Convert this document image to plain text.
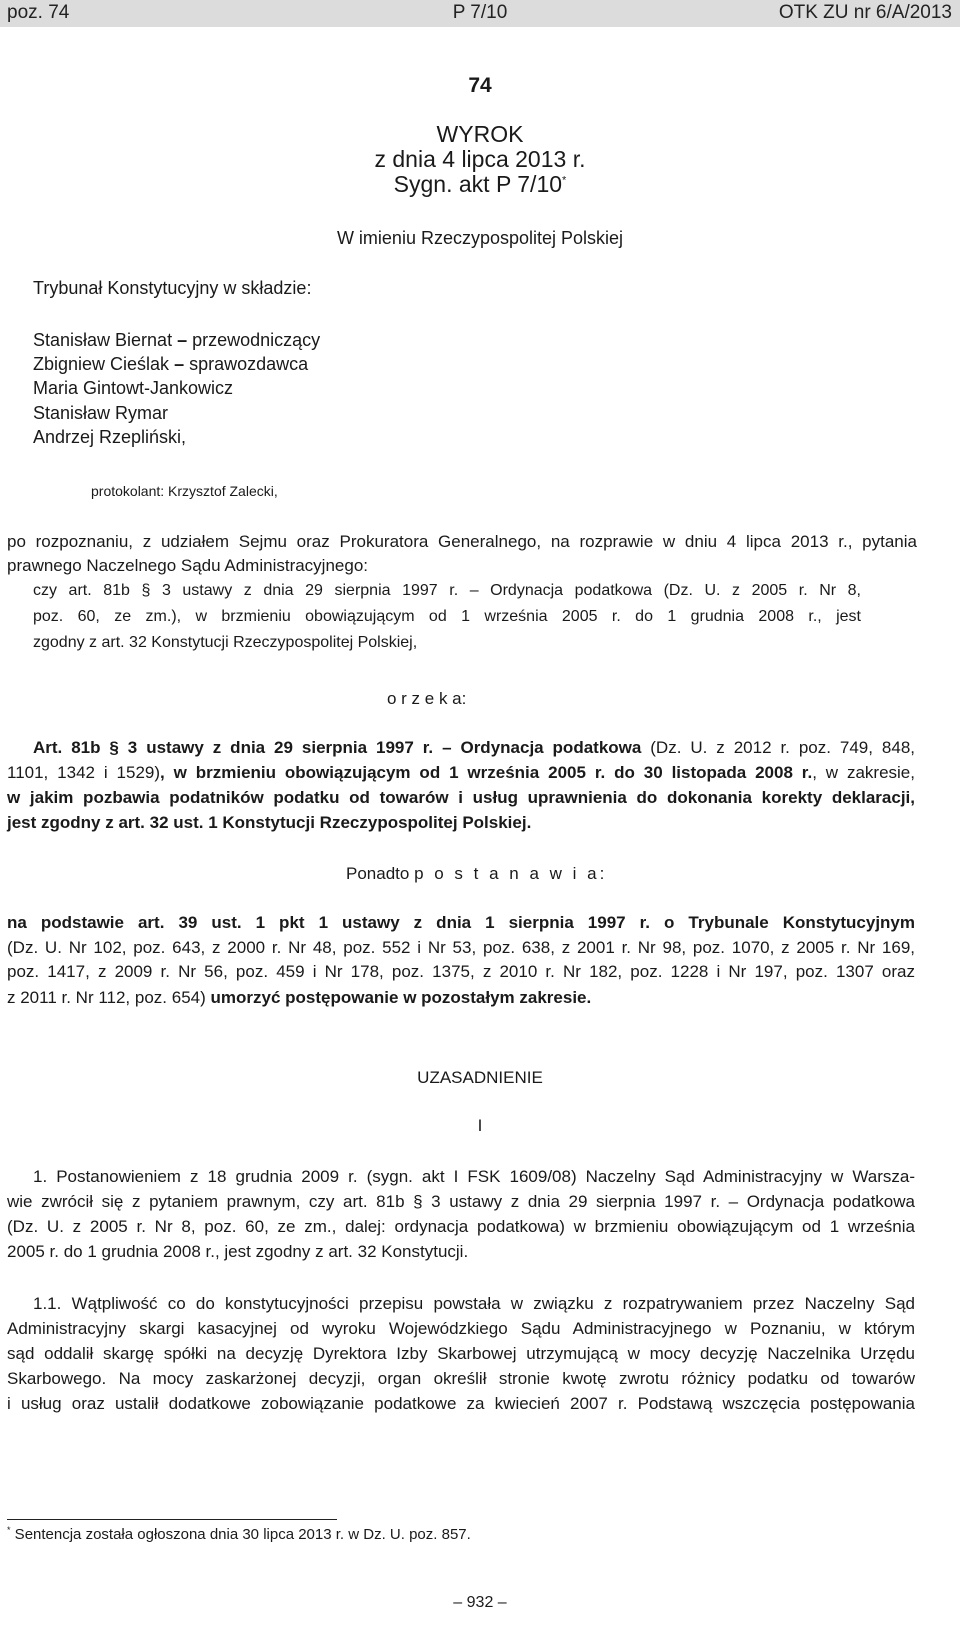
poz. 74	P 7/10	OTK ZU nr 6/A/2013
74
WYROK
z dnia 4 lipca 2013 r.
Sygn. akt P 7/10*
W imieniu Rzeczypospolitej Polskiej
Trybunał Konstytucyjny w składzie:
Stanisław Biernat – przewodniczący
Zbigniew Cieślak – sprawozdawca
Maria Gintowt-Jankowicz
Stanisław Rymar
Andrzej Rzepliński,
protokolant: Krzysztof Zalecki,
po rozpoznaniu, z udziałem Sejmu oraz Prokuratora Generalnego, na rozprawie w dniu 4 lipca 2013 r., pytania
prawnego Naczelnego Sądu Administracyjnego:
czy art. 81b § 3 ustawy z dnia 29 sierpnia 1997 r. – Ordynacja podatkowa (Dz. U. z 2005 r. Nr 8,
poz. 60, ze zm.), w brzmieniu obowiązującym od 1 września 2005 r. do 1 grudnia 2008 r., jest
zgodny z art. 32 Konstytucji Rzeczypospolitej Polskiej,
o r z e k a:
Art. 81b § 3 ustawy z dnia 29 sierpnia 1997 r. – Ordynacja podatkowa (Dz. U. z 2012 r. poz. 749, 848,
1101, 1342 i 1529), w brzmieniu obowiązującym od 1 września 2005 r. do 30 listopada 2008 r., w zakresie,
w jakim pozbawia podatników podatku od towarów i usług uprawnienia do dokonania korekty deklaracji,
jest zgodny z art. 32 ust. 1 Konstytucji Rzeczypospolitej Polskiej.
Ponadto p o s t a n a w i a:
na podstawie art. 39 ust. 1 pkt 1 ustawy z dnia 1 sierpnia 1997 r. o Trybunale Konstytucyjnym
(Dz. U. Nr 102, poz. 643, z 2000 r. Nr 48, poz. 552 i Nr 53, poz. 638, z 2001 r. Nr 98, poz. 1070, z 2005 r. Nr 169,
poz. 1417, z 2009 r. Nr 56, poz. 459 i Nr 178, poz. 1375, z 2010 r. Nr 182, poz. 1228 i Nr 197, poz. 1307 oraz
z 2011 r. Nr 112, poz. 654) umorzyć postępowanie w pozostałym zakresie.
UZASADNIENIE
I
1. Postanowieniem z 18 grudnia 2009 r. (sygn. akt I FSK 1609/08) Naczelny Sąd Administracyjny w Warsza-
wie zwrócił się z pytaniem prawnym, czy art. 81b § 3 ustawy z dnia 29 sierpnia 1997 r. – Ordynacja podatkowa
(Dz. U. z 2005 r. Nr 8, poz. 60, ze zm., dalej: ordynacja podatkowa) w brzmieniu obowiązującym od 1 września
2005 r. do 1 grudnia 2008 r., jest zgodny z art. 32 Konstytucji.
1.1. Wątpliwość co do konstytucyjności przepisu powstała w związku z rozpatrywaniem przez Naczelny Sąd
Administracyjny skargi kasacyjnej od wyroku Wojewódzkiego Sądu Administracyjnego w Poznaniu, w którym
sąd oddalił skargę spółki na decyzję Dyrektora Izby Skarbowej utrzymującą w mocy decyzję Naczelnika Urzędu
Skarbowego. Na mocy zaskarżonej decyzji, organ określił stronie kwotę zwrotu różnicy podatku od towarów
i usług oraz ustalił dodatkowe zobowiązanie podatkowe za kwiecień 2007 r. Podstawą wszczęcia postępowania
* Sentencja została ogłoszona dnia 30 lipca 2013 r. w Dz. U. poz. 857.
– 932 –
